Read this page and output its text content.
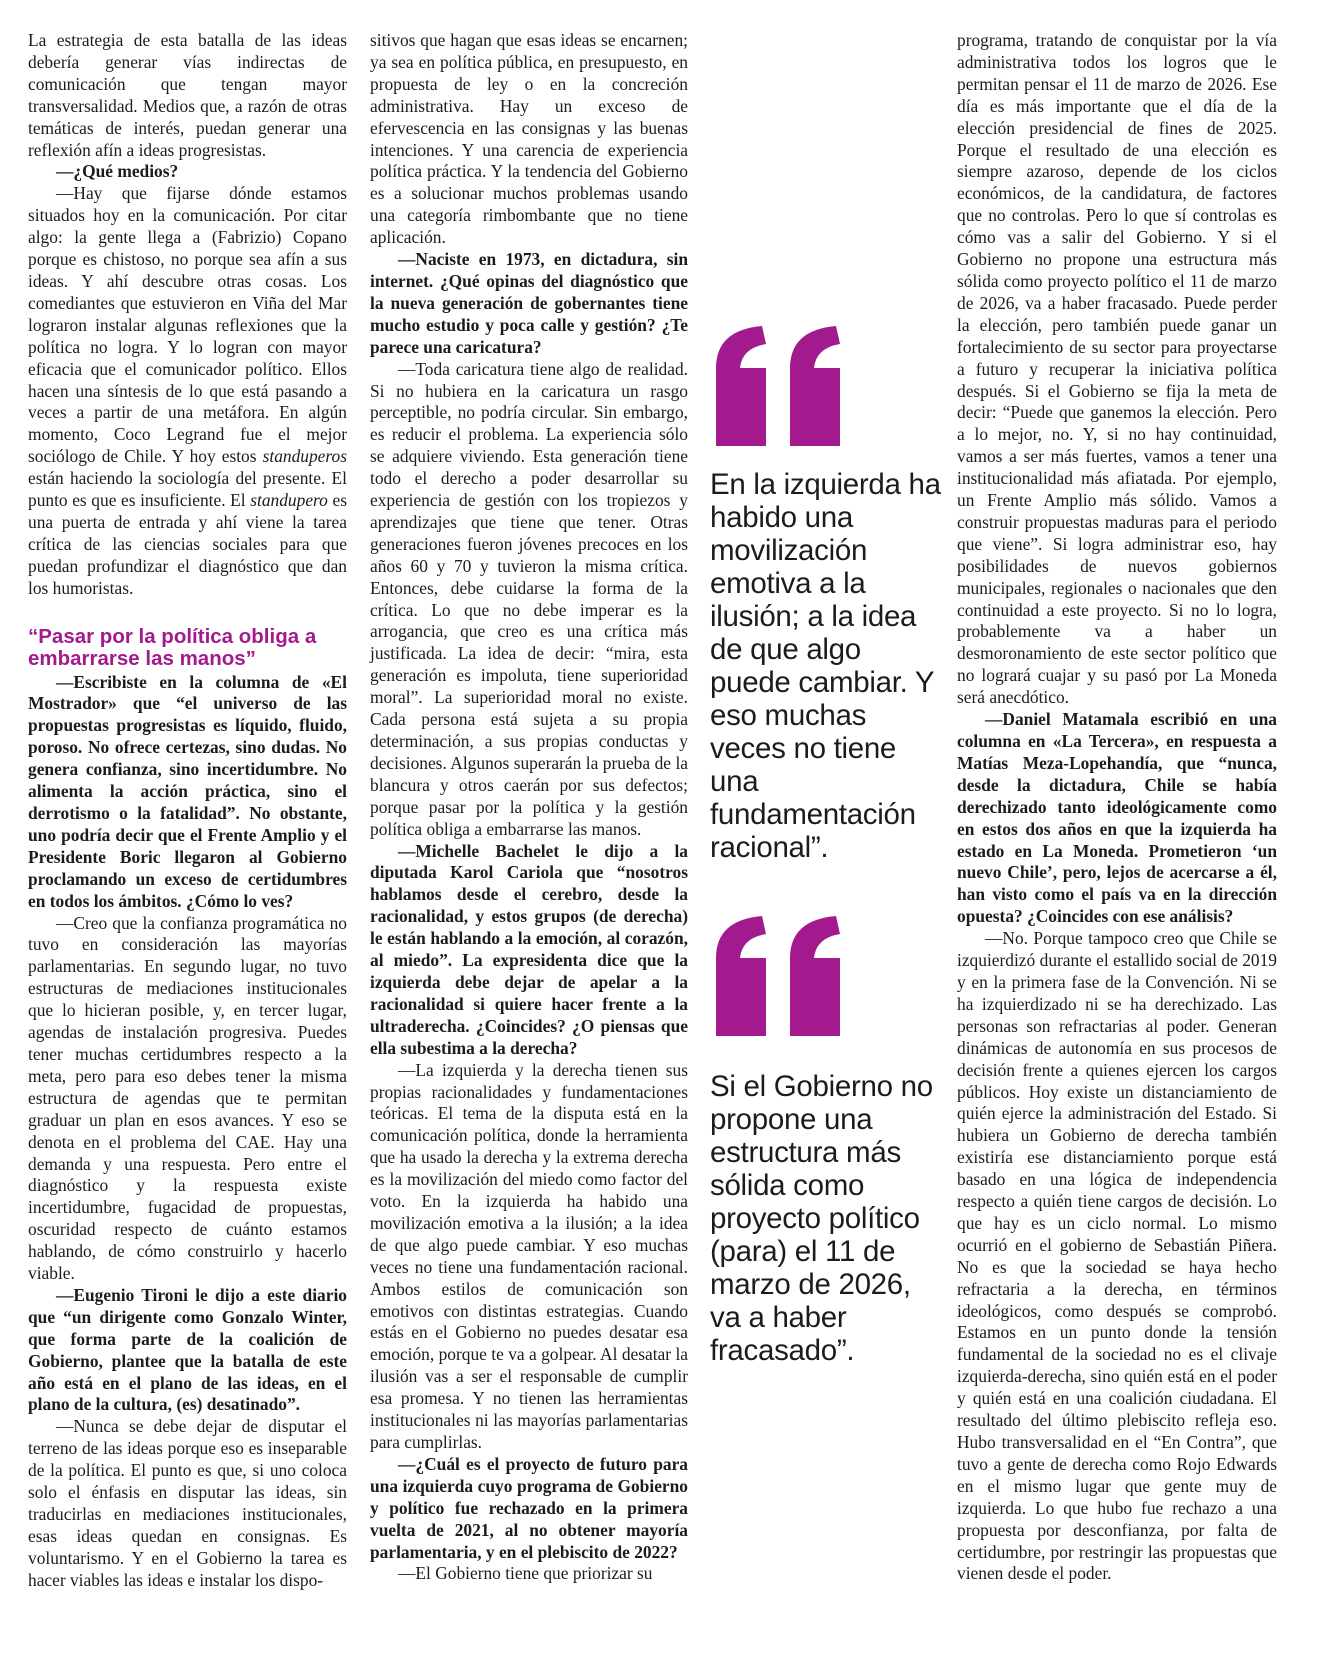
La estrategia de esta batalla de las ideas debería generar vías indirectas de comunicación que tengan mayor transversalidad. Medios que, a razón de otras temáticas de interés, puedan generar una reflexión afín a ideas progresistas.

—¿Qué medios?

—Hay que fijarse dónde estamos situados hoy en la comunicación. Por citar algo: la gente llega a (Fabrizio) Copano porque es chistoso, no porque sea afín a sus ideas. Y ahí descubre otras cosas. Los comediantes que estuvieron en Viña del Mar lograron instalar algunas reflexiones que la política no logra. Y lo logran con mayor eficacia que el comunicador político. Ellos hacen una síntesis de lo que está pasando a veces a partir de una metáfora. En algún momento, Coco Legrand fue el mejor sociólogo de Chile. Y hoy estos standuperos están haciendo la sociología del presente. El punto es que es insuficiente. El standupero es una puerta de entrada y ahí viene la tarea crítica de las ciencias sociales para que puedan profundizar el diagnóstico que dan los humoristas.

“Pasar por la política obliga a embarrarse las manos”

—Escribiste en la columna de «El Mostrador» que “el universo de las propuestas progresistas es líquido, fluido, poroso. No ofrece certezas, sino dudas. No genera confianza, sino incertidumbre. No alimenta la acción práctica, sino el derrotismo o la fatalidad”. No obstante, uno podría decir que el Frente Amplio y el Presidente Boric llegaron al Gobierno proclamando un exceso de certidumbres en todos los ámbitos. ¿Cómo lo ves?

—Creo que la confianza programática no tuvo en consideración las mayorías parlamentarias. En segundo lugar, no tuvo estructuras de mediaciones institucionales que lo hicieran posible, y, en tercer lugar, agendas de instalación progresiva. Puedes tener muchas certidumbres respecto a la meta, pero para eso debes tener la misma estructura de agendas que te permitan graduar un plan en esos avances. Y eso se denota en el problema del CAE. Hay una demanda y una respuesta. Pero entre el diagnóstico y la respuesta existe incertidumbre, fugacidad de propuestas, oscuridad respecto de cuánto estamos hablando, de cómo construirlo y hacerlo viable.

—Eugenio Tironi le dijo a este diario que “un dirigente como Gonzalo Winter, que forma parte de la coalición de Gobierno, plantee que la batalla de este año está en el plano de las ideas, en el plano de la cultura, (es) desatinado”.

—Nunca se debe dejar de disputar el terreno de las ideas porque eso es inseparable de la política. El punto es que, si uno coloca solo el énfasis en disputar las ideas, sin traducirlas en mediaciones institucionales, esas ideas quedan en consignas. Es voluntarismo. Y en el Gobierno la tarea es hacer viables las ideas e instalar los dispo-

sitivos que hagan que esas ideas se encarnen; ya sea en política pública, en presupuesto, en propuesta de ley o en la concreción administrativa. Hay un exceso de efervescencia en las consignas y las buenas intenciones. Y una carencia de experiencia política práctica. Y la tendencia del Gobierno es a solucionar muchos problemas usando una categoría rimbombante que no tiene aplicación.

—Naciste en 1973, en dictadura, sin internet. ¿Qué opinas del diagnóstico que la nueva generación de gobernantes tiene mucho estudio y poca calle y gestión? ¿Te parece una caricatura?

—Toda caricatura tiene algo de realidad. Si no hubiera en la caricatura un rasgo perceptible, no podría circular. Sin embargo, es reducir el problema. La experiencia sólo se adquiere viviendo. Esta generación tiene todo el derecho a poder desarrollar su experiencia de gestión con los tropiezos y aprendizajes que tiene que tener. Otras generaciones fueron jóvenes precoces en los años 60 y 70 y tuvieron la misma crítica. Entonces, debe cuidarse la forma de la crítica. Lo que no debe imperar es la arrogancia, que creo es una crítica más justificada. La idea de decir: “mira, esta generación es impoluta, tiene superioridad moral”. La superioridad moral no existe. Cada persona está sujeta a su propia determinación, a sus propias conductas y decisiones. Algunos superarán la prueba de la blancura y otros caerán por sus defectos; porque pasar por la política y la gestión política obliga a embarrarse las manos.

—Michelle Bachelet le dijo a la diputada Karol Cariola que “nosotros hablamos desde el cerebro, desde la racionalidad, y estos grupos (de derecha) le están hablando a la emoción, al corazón, al miedo”. La expresidenta dice que la izquierda debe dejar de apelar a la racionalidad si quiere hacer frente a la ultraderecha. ¿Coincides? ¿O piensas que ella subestima a la derecha?

—La izquierda y la derecha tienen sus propias racionalidades y fundamentaciones teóricas. El tema de la disputa está en la comunicación política, donde la herramienta que ha usado la derecha y la extrema derecha es la movilización del miedo como factor del voto. En la izquierda ha habido una movilización emotiva a la ilusión; a la idea de que algo puede cambiar. Y eso muchas veces no tiene una fundamentación racional. Ambos estilos de comunicación son emotivos con distintas estrategias. Cuando estás en el Gobierno no puedes desatar esa emoción, porque te va a golpear. Al desatar la ilusión vas a ser el responsable de cumplir esa promesa. Y no tienen las herramientas institucionales ni las mayorías parlamentarias para cumplirlas.

—¿Cuál es el proyecto de futuro para una izquierda cuyo programa de Gobierno y político fue rechazado en la primera vuelta de 2021, al no obtener mayoría parlamentaria, y en el plebiscito de 2022?

—El Gobierno tiene que priorizar su

En la izquierda ha habido una movilización emotiva a la ilusión; a la idea de que algo puede cambiar. Y eso muchas veces no tiene una fundamentación racional”.

Si el Gobierno no propone una estructura más sólida como proyecto político (para) el 11 de marzo de 2026, va a haber fracasado”.

programa, tratando de conquistar por la vía administrativa todos los logros que le permitan pensar el 11 de marzo de 2026. Ese día es más importante que el día de la elección presidencial de fines de 2025. Porque el resultado de una elección es siempre azaroso, depende de los ciclos económicos, de la candidatura, de factores que no controlas. Pero lo que sí controlas es cómo vas a salir del Gobierno. Y si el Gobierno no propone una estructura más sólida como proyecto político el 11 de marzo de 2026, va a haber fracasado. Puede perder la elección, pero también puede ganar un fortalecimiento de su sector para proyectarse a futuro y recuperar la iniciativa política después. Si el Gobierno se fija la meta de decir: “Puede que ganemos la elección. Pero a lo mejor, no. Y, si no hay continuidad, vamos a ser más fuertes, vamos a tener una institucionalidad más afiatada. Por ejemplo, un Frente Amplio más sólido. Vamos a construir propuestas maduras para el periodo que viene”. Si logra administrar eso, hay posibilidades de nuevos gobiernos municipales, regionales o nacionales que den continuidad a este proyecto. Si no lo logra, probablemente va a haber un desmoronamiento de este sector político que no logrará cuajar y su pasó por La Moneda será anecdótico.

—Daniel Matamala escribió en una columna en «La Tercera», en respuesta a Matías Meza-Lopehandía, que “nunca, desde la dictadura, Chile se había derechizado tanto ideológicamente como en estos dos años en que la izquierda ha estado en La Moneda. Prometieron ‘un nuevo Chile’, pero, lejos de acercarse a él, han visto como el país va en la dirección opuesta? ¿Coincides con ese análisis?

—No. Porque tampoco creo que Chile se izquierdizó durante el estallido social de 2019 y en la primera fase de la Convención. Ni se ha izquierdizado ni se ha derechizado. Las personas son refractarias al poder. Generan dinámicas de autonomía en sus procesos de decisión frente a quienes ejercen los cargos públicos. Hoy existe un distanciamiento de quién ejerce la administración del Estado. Si hubiera un Gobierno de derecha también existiría ese distanciamiento porque está basado en una lógica de independencia respecto a quién tiene cargos de decisión. Lo que hay es un ciclo normal. Lo mismo ocurrió en el gobierno de Sebastián Piñera. No es que la sociedad se haya hecho refractaria a la derecha, en términos ideológicos, como después se comprobó. Estamos en un punto donde la tensión fundamental de la sociedad no es el clivaje izquierda-derecha, sino quién está en el poder y quién está en una coalición ciudadana. El resultado del último plebiscito refleja eso. Hubo transversalidad en el “En Contra”, que tuvo a gente de derecha como Rojo Edwards en el mismo lugar que gente muy de izquierda. Lo que hubo fue rechazo a una propuesta por desconfianza, por falta de certidumbre, por restringir las propuestas que vienen desde el poder.
